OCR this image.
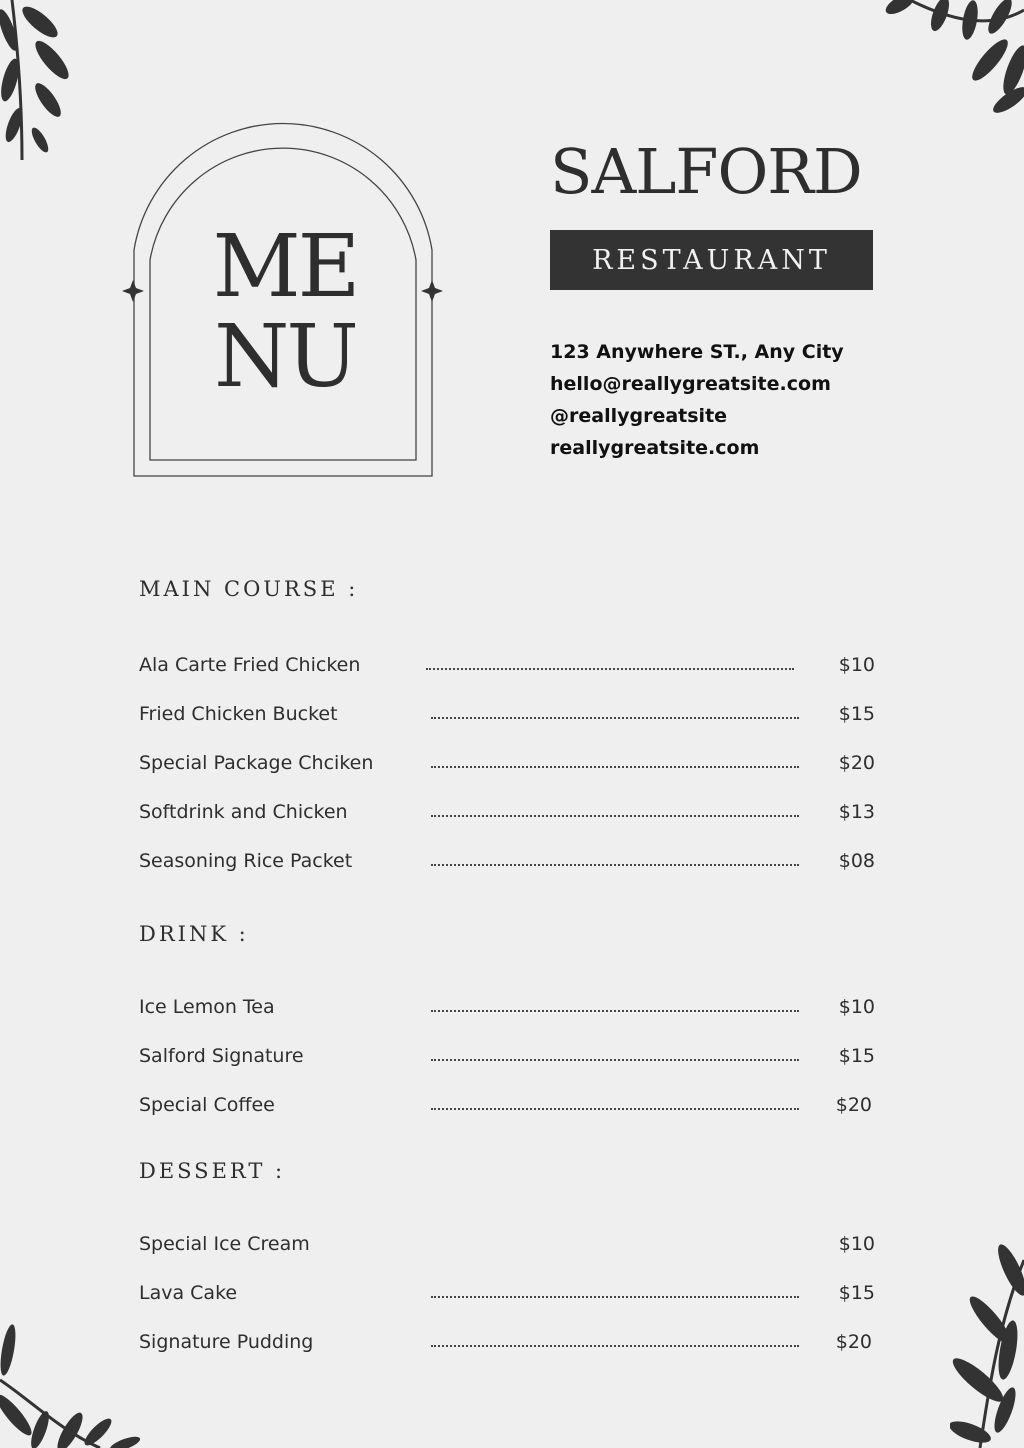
ME
NU
SALFORD
RESTAURANT
123 Anywhere ST., Any City
hello@reallygreatsite.com
@reallygreatsite
reallygreatsite.com
MAIN COURSE :
Ala Carte Fried Chicken	$10
Fried Chicken Bucket	$15
Special Package Chciken	$20
Softdrink and Chicken	$13
Seasoning Rice Packet	$08
DRINK :
Ice Lemon Tea	$10
Salford Signature	$15
Special Coffee	$20
DESSERT :
Special Ice Cream	$10
Lava Cake	$15
Signature Pudding	$20
